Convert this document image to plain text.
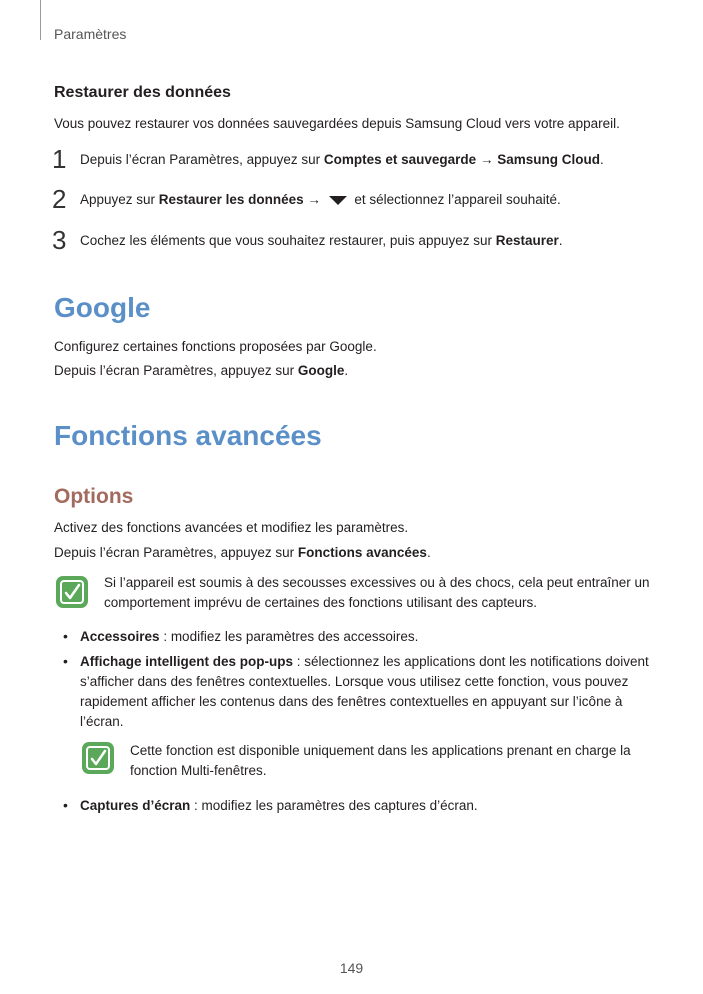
Paramètres
Restaurer des données
Vous pouvez restaurer vos données sauvegardées depuis Samsung Cloud vers votre appareil.
1 Depuis l’écran Paramètres, appuyez sur Comptes et sauvegarde → Samsung Cloud.
2 Appuyez sur Restaurer les données →  et sélectionnez l’appareil souhaité.
3 Cochez les éléments que vous souhaitez restaurer, puis appuyez sur Restaurer.
Google
Configurez certaines fonctions proposées par Google.
Depuis l’écran Paramètres, appuyez sur Google.
Fonctions avancées
Options
Activez des fonctions avancées et modifiez les paramètres.
Depuis l’écran Paramètres, appuyez sur Fonctions avancées.
Si l’appareil est soumis à des secousses excessives ou à des chocs, cela peut entraîner un
comportement imprévu de certaines des fonctions utilisant des capteurs.
• Accessoires : modifiez les paramètres des accessoires.
• Affichage intelligent des pop-ups : sélectionnez les applications dont les notifications doivent
s’afficher dans des fenêtres contextuelles. Lorsque vous utilisez cette fonction, vous pouvez
rapidement afficher les contenus dans des fenêtres contextuelles en appuyant sur l’icône à
l’écran.
Cette fonction est disponible uniquement dans les applications prenant en charge la
fonction Multi-fenêtres.
• Captures d’écran : modifiez les paramètres des captures d’écran.
149
